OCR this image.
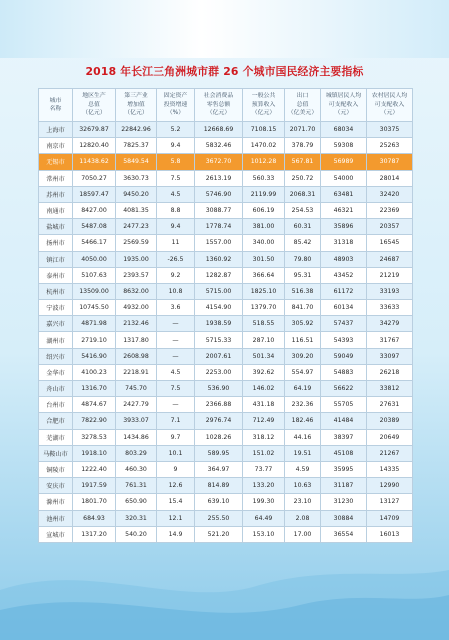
2018 年长江三角洲城市群 26 个城市国民经济主要指标
城市
名称	地区生产
总值
（亿元）	第三产业
增加值
（亿元）	固定资产
投资增速
（%）	社会消费品
零售总额
（亿元）	一般公共
预算收入
（亿元）	出口
总值
（亿美元）	城镇居民人均
可支配收入
（元）	农村居民人均
可支配收入
（元）
上海市	32679.87	22842.96	5.2	12668.69	7108.15	2071.70	68034	30375
南京市	12820.40	7825.37	9.4	5832.46	1470.02	378.79	59308	25263
无锡市	11438.62	5849.54	5.8	3672.70	1012.28	567.81	56989	30787
常州市	7050.27	3630.73	7.5	2613.19	560.33	250.72	54000	28014
苏州市	18597.47	9450.20	4.5	5746.90	2119.99	2068.31	63481	32420
南通市	8427.00	4081.35	8.8	3088.77	606.19	254.53	46321	22369
盐城市	5487.08	2477.23	9.4	1778.74	381.00	60.31	35896	20357
扬州市	5466.17	2569.59	11	1557.00	340.00	85.42	31318	16545
镇江市	4050.00	1935.00	-26.5	1360.92	301.50	79.80	48903	24687
泰州市	5107.63	2393.57	9.2	1282.87	366.64	95.31	43452	21219
杭州市	13509.00	8632.00	10.8	5715.00	1825.10	516.38	61172	33193
宁波市	10745.50	4932.00	3.6	4154.90	1379.70	841.70	60134	33633
嘉兴市	4871.98	2132.46	—	1938.59	518.55	305.92	57437	34279
湖州市	2719.10	1317.80	—	5715.33	287.10	116.51	54393	31767
绍兴市	5416.90	2608.98	—	2007.61	501.34	309.20	59049	33097
金华市	4100.23	2218.91	4.5	2253.00	392.62	554.97	54883	26218
舟山市	1316.70	745.70	7.5	536.90	146.02	64.19	56622	33812
台州市	4874.67	2427.79	—	2366.88	431.18	232.36	55705	27631
合肥市	7822.90	3933.07	7.1	2976.74	712.49	182.46	41484	20389
芜湖市	3278.53	1434.86	9.7	1028.26	318.12	44.16	38397	20649
马鞍山市	1918.10	803.29	10.1	589.95	151.02	19.51	45108	21267
铜陵市	1222.40	460.30	9	364.97	73.77	4.59	35995	14335
安庆市	1917.59	761.31	12.6	814.89	133.20	10.63	31187	12990
滁州市	1801.70	650.90	15.4	639.10	199.30	23.10	31230	13127
池州市	684.93	320.31	12.1	255.50	64.49	2.08	30884	14709
宣城市	1317.20	540.20	14.9	521.20	153.10	17.00	36554	16013
